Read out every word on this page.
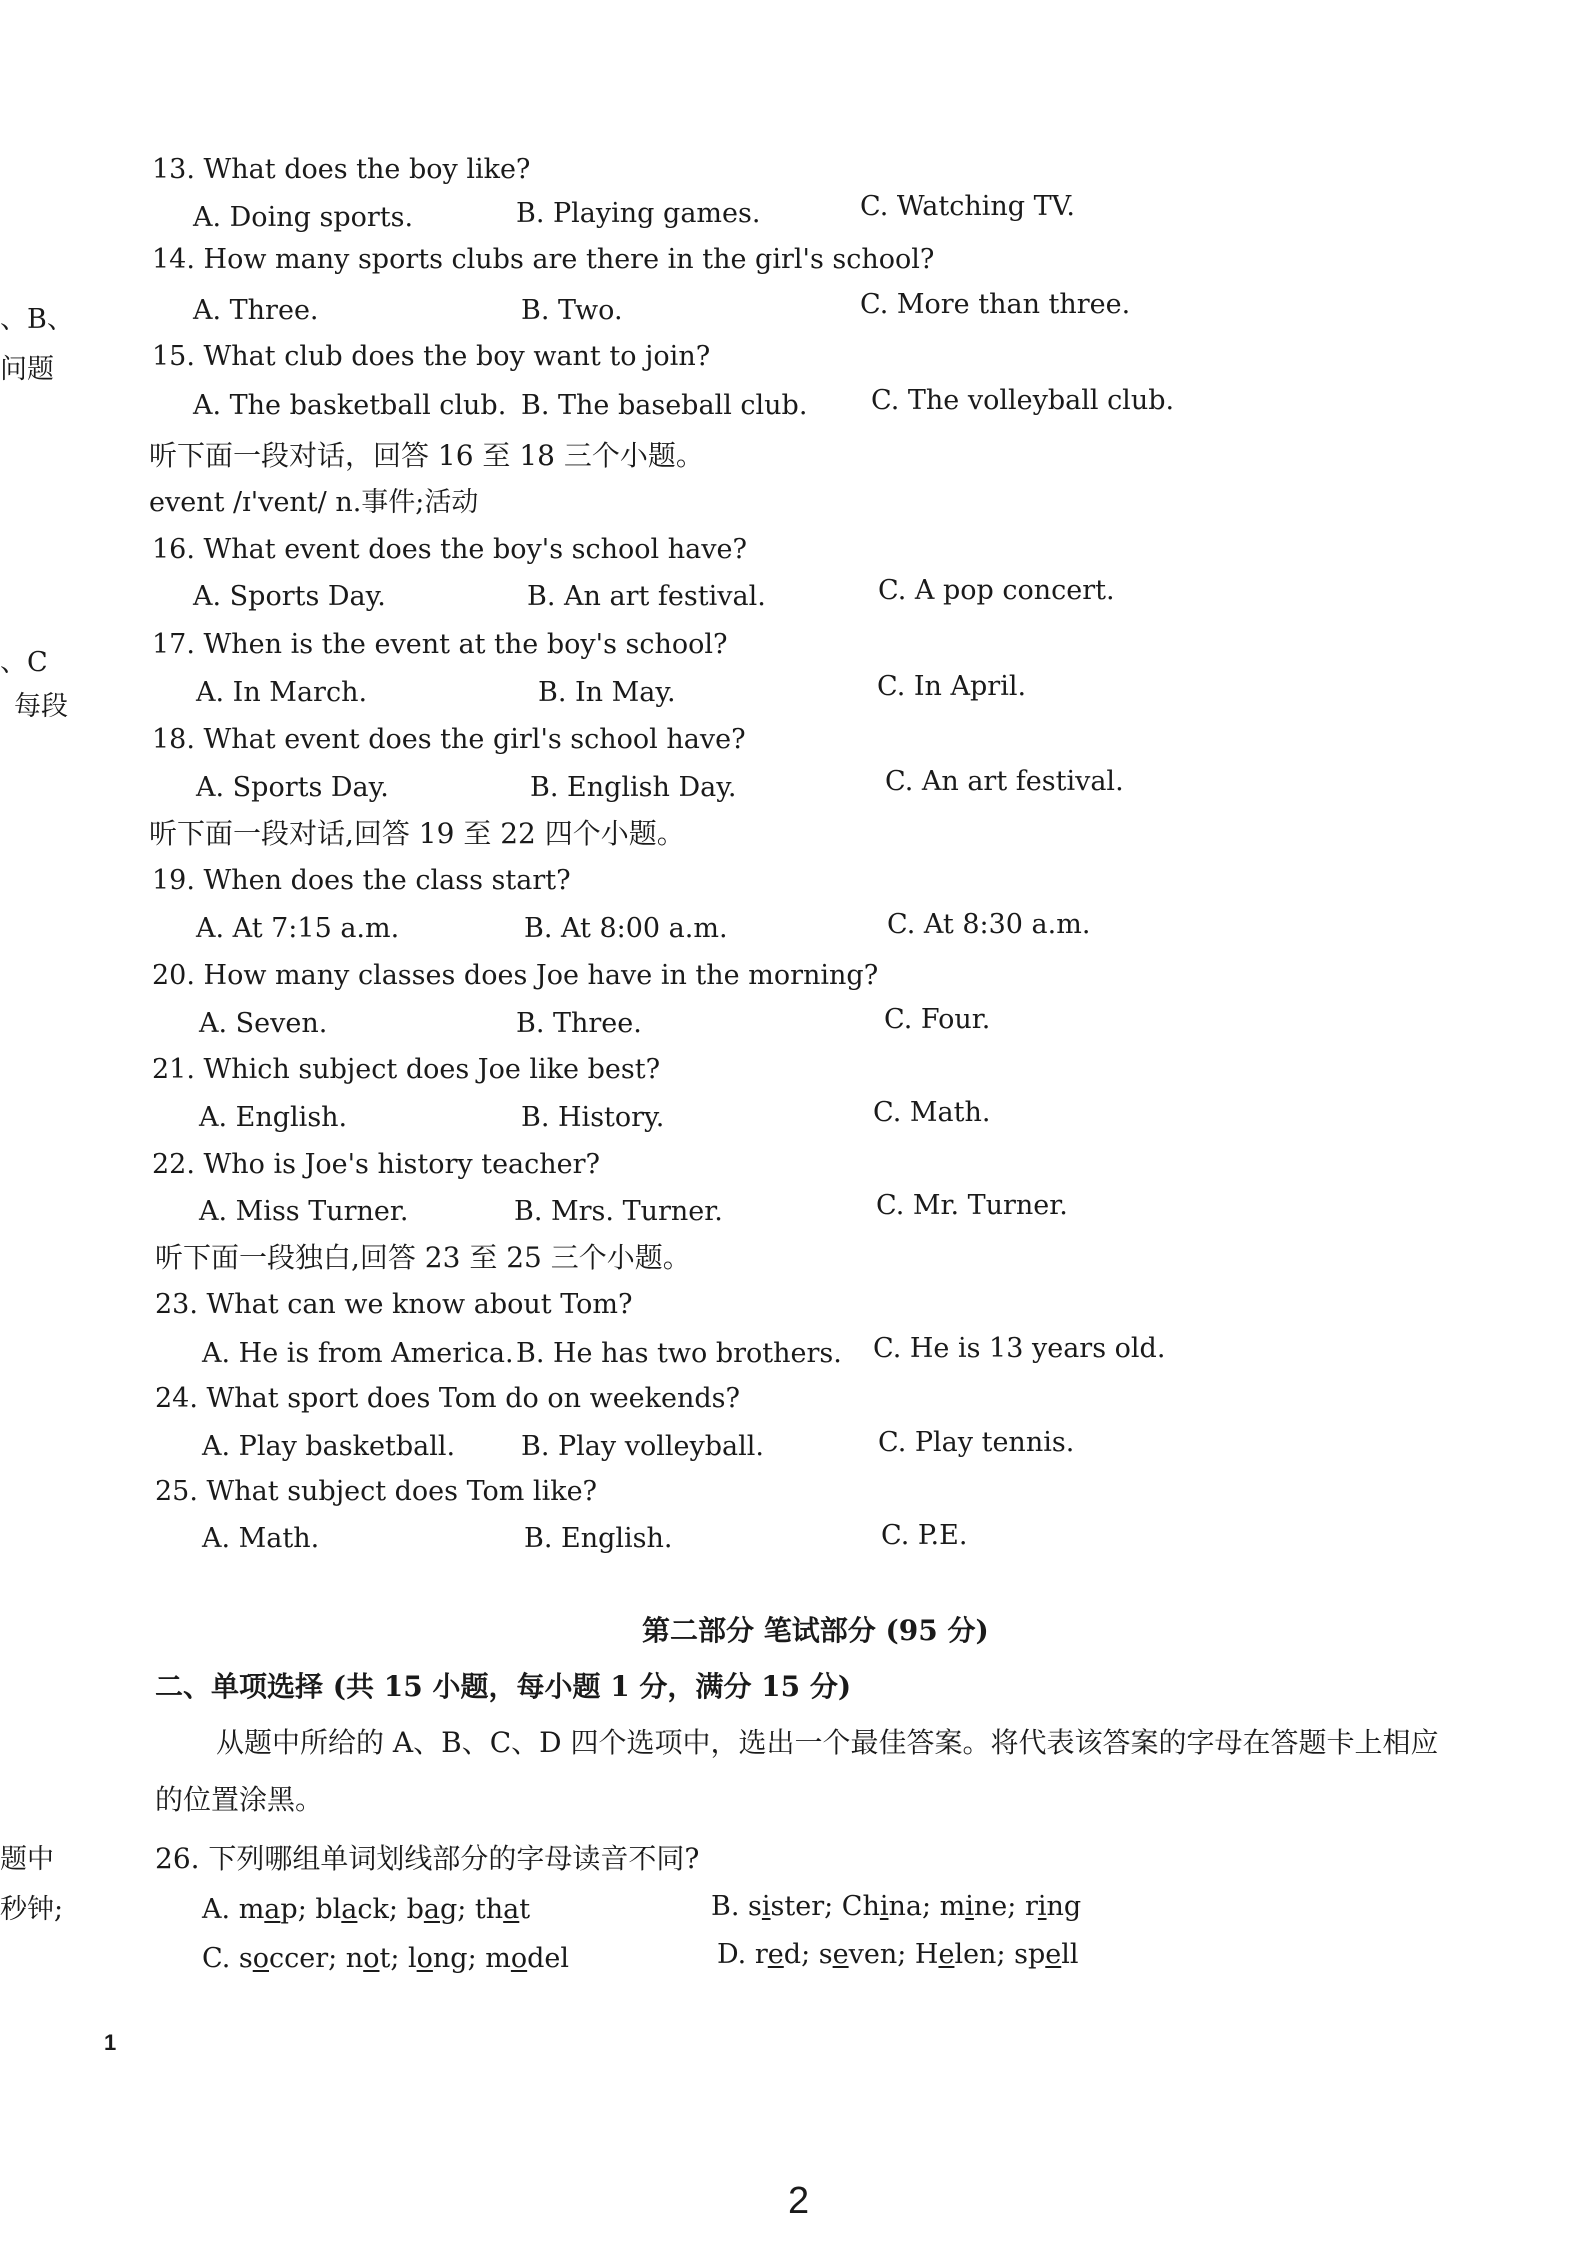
、B、
问题
、C
每段
题中
秒钟;
13. What does the boy like?
A. Doing sports.	B. Playing games.	C. Watching TV.
14. How many sports clubs are there in the girl's school?
A. Three.	B. Two.	C. More than three.
15. What club does the boy want to join?
A. The basketball club. B. The baseball club. C. The volleyball club.
听下面一段对话，回答 16 至 18 三个小题。
event /ɪ'vent/ n.事件;活动
16. What event does the boy's school have?
A. Sports Day.	B. An art festival.	C. A pop concert.
17. When is the event at the boy's school?
A. In March.	B. In May.	C. In April.
18. What event does the girl's school have?
A. Sports Day.	B. English Day.	C. An art festival.
听下面一段对话,回答 19 至 22 四个小题。
19. When does the class start?
A. At 7:15 a.m.	B. At 8:00 a.m.	C. At 8:30 a.m.
20. How many classes does Joe have in the morning?
A. Seven.	B. Three.	C. Four.
21. Which subject does Joe like best?
A. English.	B. History.	C. Math.
22. Who is Joe's history teacher?
A. Miss Turner.	B. Mrs. Turner.	C. Mr. Turner.
听下面一段独白,回答 23 至 25 三个小题。
23. What can we know about Tom?
A. He is from America. B. He has two brothers. C. He is 13 years old.
24. What sport does Tom do on weekends?
A. Play basketball. B. Play volleyball.	C. Play tennis.
25. What subject does Tom like?
A. Math.	B. English.	C. P.E.
第二部分 笔试部分 (95 分)
二、单项选择 (共 15 小题，每小题 1 分，满分 15 分)
从题中所给的 A、B、C、D 四个选项中，选出一个最佳答案。将代表该答案的字母在答题卡上相应
的位置涂黑。
26. 下列哪组单词划线部分的字母读音不同?
A. map; black; bag; that	B. sister; China; mine; ring
C. soccer; not; long; model	D. red; seven; Helen; spell
1
2
